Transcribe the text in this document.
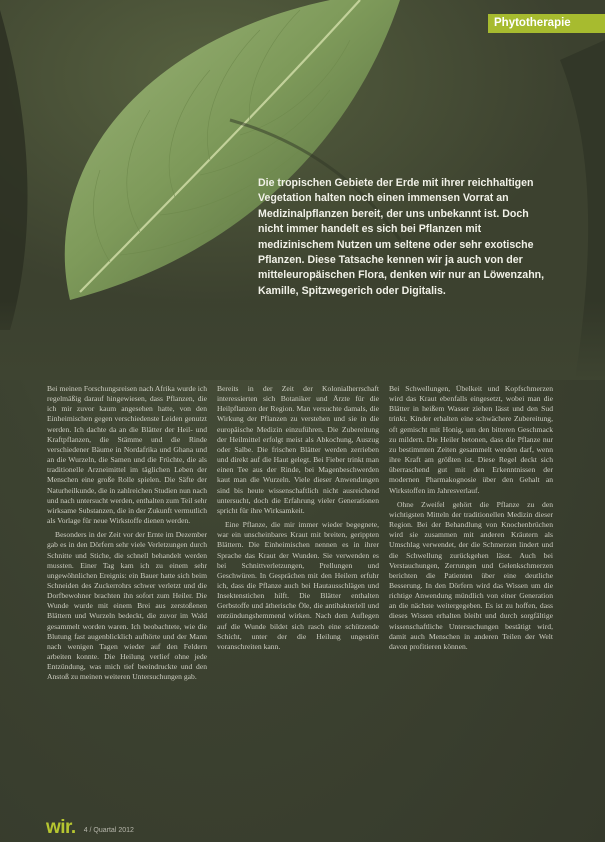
Phytotherapie

Die tropischen Gebiete der Erde mit ihrer reichhaltigen Vegetation halten noch einen immensen Vorrat an Medizinalpflanzen bereit, der uns unbekannt ist. Doch nicht immer handelt es sich bei Pflanzen mit medizinischem Nutzen um seltene oder sehr exotische Pflanzen. Diese Tatsache kennen wir ja auch von der mitteleuropäischen Flora, denken wir nur an Löwenzahn, Kamille, Spitzwegerich oder Digitalis.

Bei meinen Forschungsreisen nach Afrika wurde ich regelmäßig darauf hingewiesen, dass Pflanzen, die ich mir zuvor kaum angesehen hatte, von den Einheimischen gegen verschiedenste Leiden genutzt werden. Ich dachte da an die Blätter der Heil- und Kraftpflanzen, die Stämme und die Rinde verschiedener Bäume in Nordafrika und Ghana und an die Wurzeln, die Samen und die Früchte, die als traditionelle Arzneimittel im täglichen Leben der Menschen eine große Rolle spielen. Die Säfte der Naturheilkunde, die in zahlreichen Studien nun nach und nach untersucht werden, enthalten zum Teil sehr wirksame Substanzen, die in der Zukunft vermutlich als Vorlage für neue Wirkstoffe dienen werden.

Besonders in der Zeit vor der Ernte im Dezember gab es in den Dörfern sehr viele Verletzungen durch Schnitte und Stiche, die schnell behandelt werden mussten. Einer Tag kam ich zu einem sehr ungewöhnlichen Ereignis: ein Bauer hatte sich beim Schneiden des Zuckerrohrs schwer verletzt und die Dorfbewohner brachten ihn sofort zum Heiler. Die Wunde wurde mit einem Brei aus zerstoßenen Blättern und Wurzeln bedeckt, die zuvor im Wald gesammelt worden waren. Ich beobachtete, wie die Blutung fast augenblicklich aufhörte und der Mann nach wenigen Tagen wieder auf den Feldern arbeiten konnte. Die Heilung verlief ohne jede Entzündung, was mich tief beeindruckte und den Anstoß zu meinen weiteren Untersuchungen gab.

Bereits in der Zeit der Kolonialherrschaft interessierten sich Botaniker und Ärzte für die Heilpflanzen der Region. Man versuchte damals, die Wirkung der Pflanzen zu verstehen und sie in die europäische Medizin einzuführen. Die Zubereitung der Heilmittel erfolgt meist als Abkochung, Auszug oder Salbe. Die frischen Blätter werden zerrieben und direkt auf die Haut gelegt. Bei Fieber trinkt man einen Tee aus der Rinde, bei Magenbeschwerden kaut man die Wurzeln. Viele dieser Anwendungen sind bis heute wissenschaftlich nicht ausreichend untersucht, doch die Erfahrung vieler Generationen spricht für ihre Wirksamkeit.

Eine Pflanze, die mir immer wieder begegnete, war ein unscheinbares Kraut mit breiten, gerippten Blättern. Die Einheimischen nennen es in ihrer Sprache das Kraut der Wunden. Sie verwenden es bei Schnittverletzungen, Prellungen und Geschwüren. In Gesprächen mit den Heilern erfuhr ich, dass die Pflanze auch bei Hautausschlägen und Insektenstichen hilft. Die Blätter enthalten Gerbstoffe und ätherische Öle, die antibakteriell und entzündungshemmend wirken. Nach dem Auflegen auf die Wunde bildet sich rasch eine schützende Schicht, unter der die Heilung ungestört voranschreiten kann.

Bei Schwellungen, Übelkeit und Kopfschmerzen wird das Kraut ebenfalls eingesetzt, wobei man die Blätter in heißem Wasser ziehen lässt und den Sud trinkt. Kinder erhalten eine schwächere Zubereitung, oft gemischt mit Honig, um den bitteren Geschmack zu mildern. Die Heiler betonen, dass die Pflanze nur zu bestimmten Zeiten gesammelt werden darf, wenn ihre Kraft am größten ist. Diese Regel deckt sich überraschend gut mit den Erkenntnissen der modernen Pharmakognosie über den Gehalt an Wirkstoffen im Jahresverlauf.

Ohne Zweifel gehört die Pflanze zu den wichtigsten Mitteln der traditionellen Medizin dieser Region. Bei der Behandlung von Knochenbrüchen wird sie zusammen mit anderen Kräutern als Umschlag verwendet, der die Schmerzen lindert und die Schwellung zurückgehen lässt. Auch bei Verstauchungen, Zerrungen und Gelenkschmerzen berichten die Patienten über eine deutliche Besserung. In den Dörfern wird das Wissen um die richtige Anwendung mündlich von einer Generation an die nächste weitergegeben. Es ist zu hoffen, dass dieses Wissen erhalten bleibt und durch sorgfältige wissenschaftliche Untersuchungen bestätigt wird, damit auch Menschen in anderen Teilen der Welt davon profitieren können.

wir. 4 / Quartal 2012
